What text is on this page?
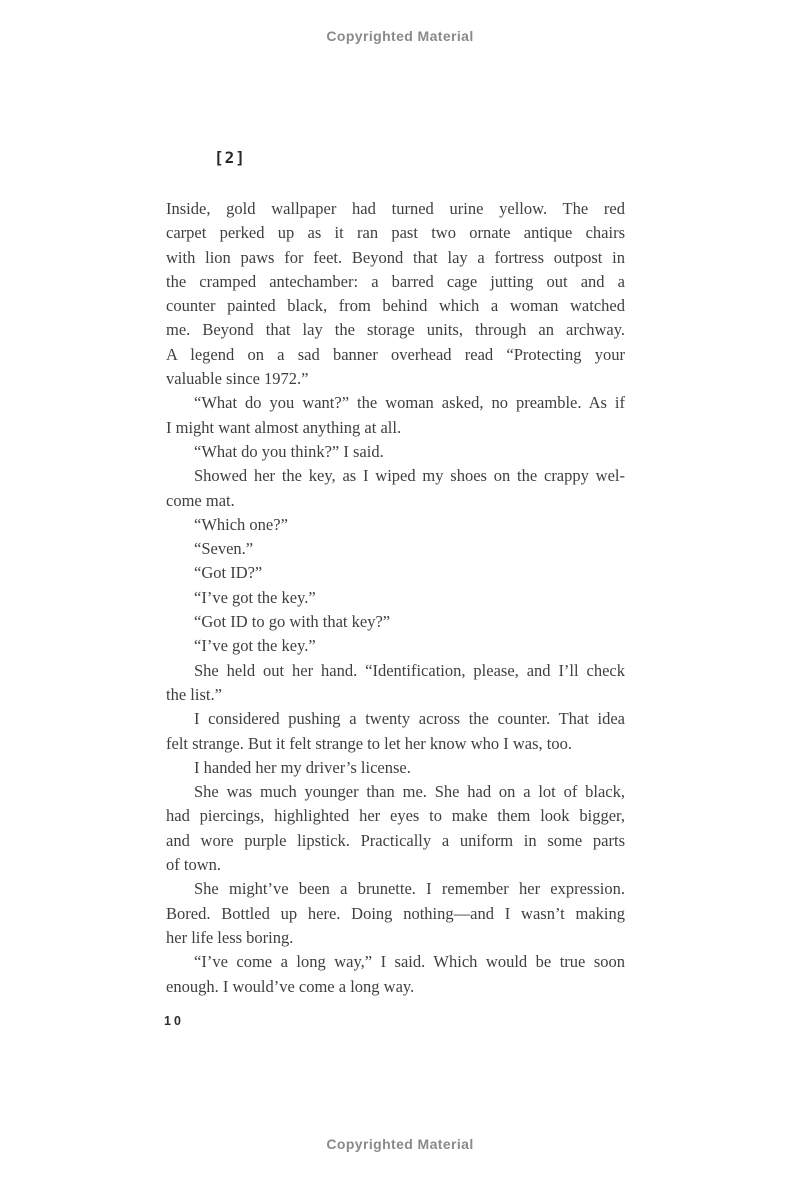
Copyrighted Material
[2]
Inside, gold wallpaper had turned urine yellow. The red
carpet perked up as it ran past two ornate antique chairs
with lion paws for feet. Beyond that lay a fortress outpost in
the cramped antechamber: a barred cage jutting out and a
counter painted black, from behind which a woman watched
me. Beyond that lay the storage units, through an archway.
A legend on a sad banner overhead read “Protecting your
valuable since 1972.”
“What do you want?” the woman asked, no preamble. As if
I might want almost anything at all.
“What do you think?” I said.
Showed her the key, as I wiped my shoes on the crappy wel-
come mat.
“Which one?”
“Seven.”
“Got ID?”
“I’ve got the key.”
“Got ID to go with that key?”
“I’ve got the key.”
She held out her hand. “Identification, please, and I’ll check
the list.”
I considered pushing a twenty across the counter. That idea
felt strange. But it felt strange to let her know who I was, too.
I handed her my driver’s license.
She was much younger than me. She had on a lot of black,
had piercings, highlighted her eyes to make them look bigger,
and wore purple lipstick. Practically a uniform in some parts
of town.
She might’ve been a brunette. I remember her expression.
Bored. Bottled up here. Doing nothing—and I wasn’t making
her life less boring.
“I’ve come a long way,” I said. Which would be true soon
enough. I would’ve come a long way.
10
Copyrighted Material
